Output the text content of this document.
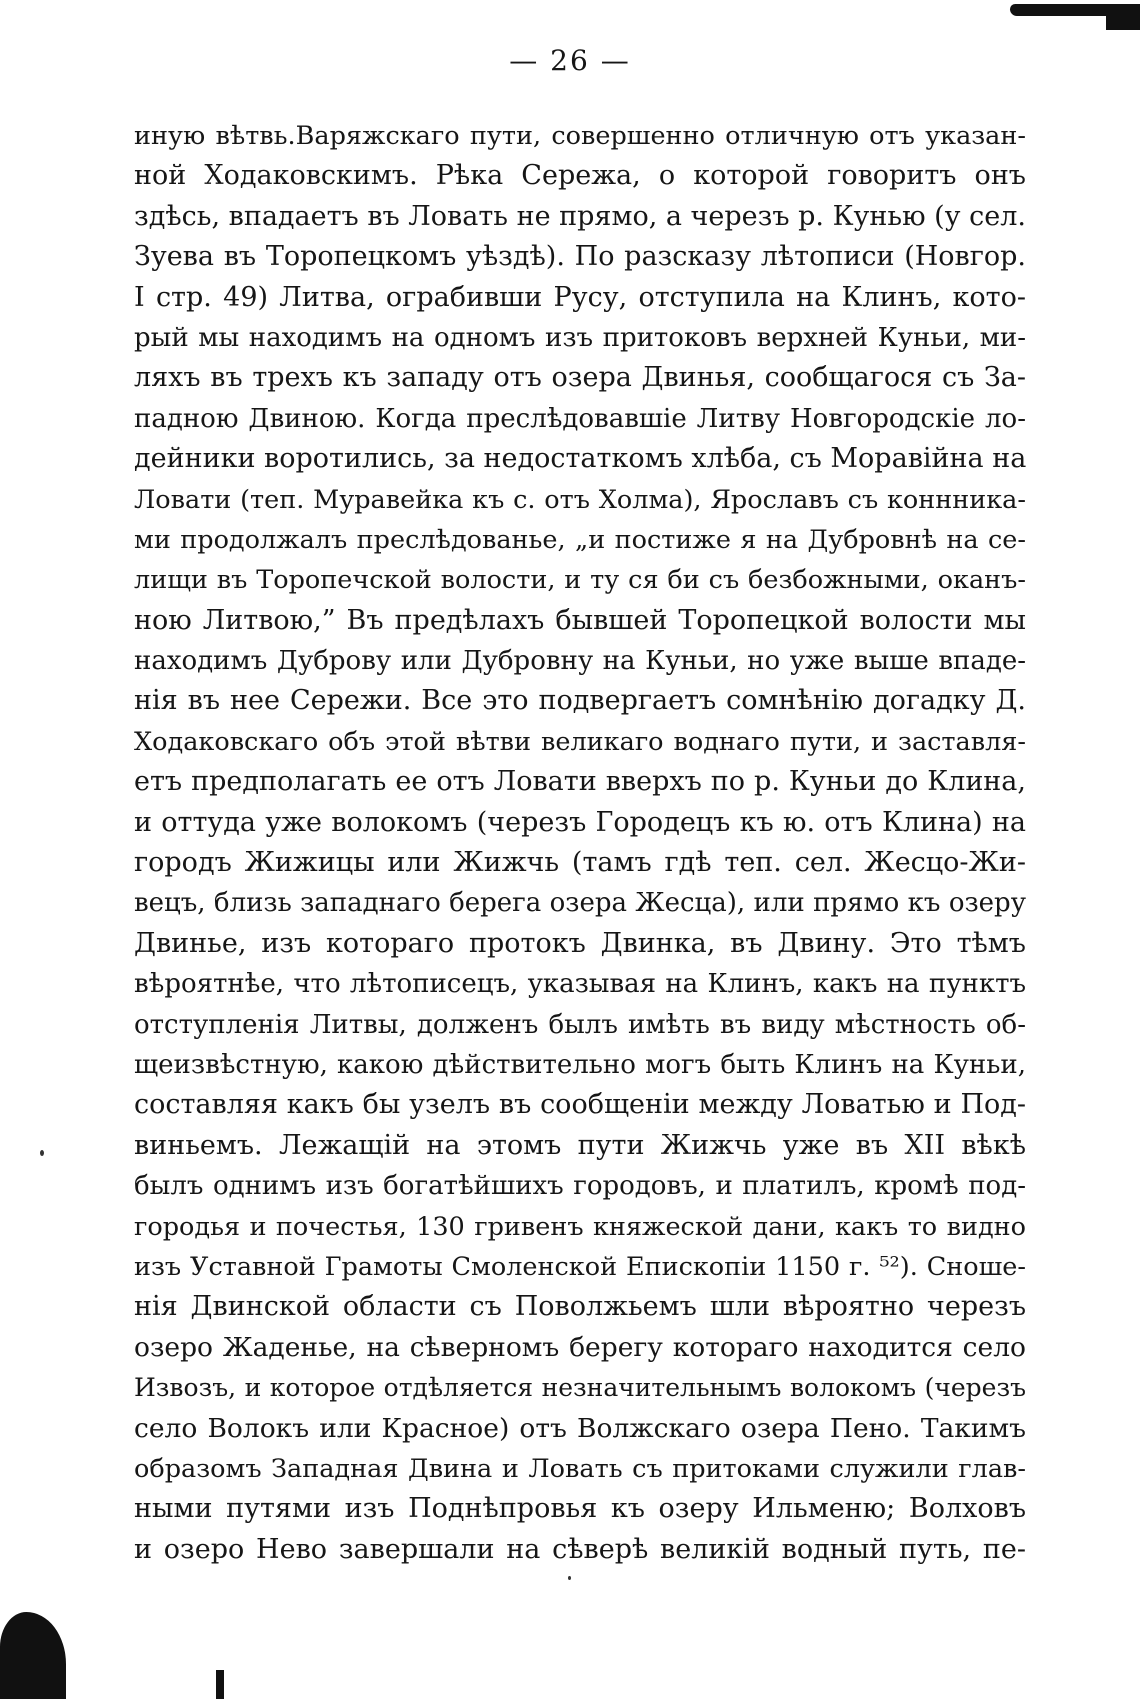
— 26 —
иную вѣтвь.Варяжскаго пути, совершенно отличную отъ указан-
ной Ходаковскимъ. Рѣка Сережа, о которой говоритъ онъ
здѣсь, впадаетъ въ Ловать не прямо, а черезъ р. Кунью (у сел.
Зуева въ Торопецкомъ уѣздѣ). По разсказу лѣтописи (Новгор.
I стр. 49) Литва, ограбивши Русу, отступила на Клинъ, кото-
рый мы находимъ на одномъ изъ притоковъ верхней Куньи, ми-
ляхъ въ трехъ къ западу отъ озера Двинья, сообщагося съ За-
падною Двиною. Когда преслѣдовавшіе Литву Новгородскіе ло-
дейники воротились, за недостаткомъ хлѣба, съ Моравійна на
Ловати (теп. Муравейка къ с. отъ Холма), Ярославъ съ коннника-
ми продолжалъ преслѣдованье, „и постиже я на Дубровнѣ на се-
лищи въ Торопечской волости, и ту ся би съ безбожными, оканъ-
ною Литвою,” Въ предѣлахъ бывшей Торопецкой волости мы
находимъ Дуброву или Дубровну на Куньи, но уже выше впаде-
нія въ нее Сережи. Все это подвергаетъ сомнѣнію догадку Д.
Ходаковскаго объ этой вѣтви великаго воднаго пути, и заставля-
етъ предполагать ее отъ Ловати вверхъ по р. Куньи до Клина,
и оттуда уже волокомъ (черезъ Городецъ къ ю. отъ Клина) на
городъ Жижицы или Жижчь (тамъ гдѣ теп. сел. Жесцо-Жи-
вецъ, близь западнаго берега озера Жесца), или прямо къ озеру
Двинье, изъ котораго протокъ Двинка, въ Двину. Это тѣмъ
вѣроятнѣе, что лѣтописецъ, указывая на Клинъ, какъ на пунктъ
отступленія Литвы, долженъ былъ имѣть въ виду мѣстность об-
щеизвѣстную, какою дѣйствительно могъ быть Клинъ на Куньи,
составляя какъ бы узелъ въ сообщеніи между Ловатью и Под-
виньемъ. Лежащій на этомъ пути Жижчь уже въ XII вѣкѣ
былъ однимъ изъ богатѣйшихъ городовъ, и платилъ, кромѣ под-
городья и почестья, 130 гривенъ княжеской дани, какъ то видно
изъ Уставной Грамоты Смоленской Епископіи 1150 г. ⁵²). Сноше-
нія Двинской области съ Поволжьемъ шли вѣроятно черезъ
озеро Жаденье, на сѣверномъ берегу котораго находится село
Извозъ, и которое отдѣляется незначительнымъ волокомъ (черезъ
село Волокъ или Красное) отъ Волжскаго озера Пено. Такимъ
образомъ Западная Двина и Ловать съ притоками служили глав-
ными путями изъ Поднѣпровья къ озеру Ильменю; Волховъ
и озеро Нево завершали на сѣверѣ великій водный путь, пе-
